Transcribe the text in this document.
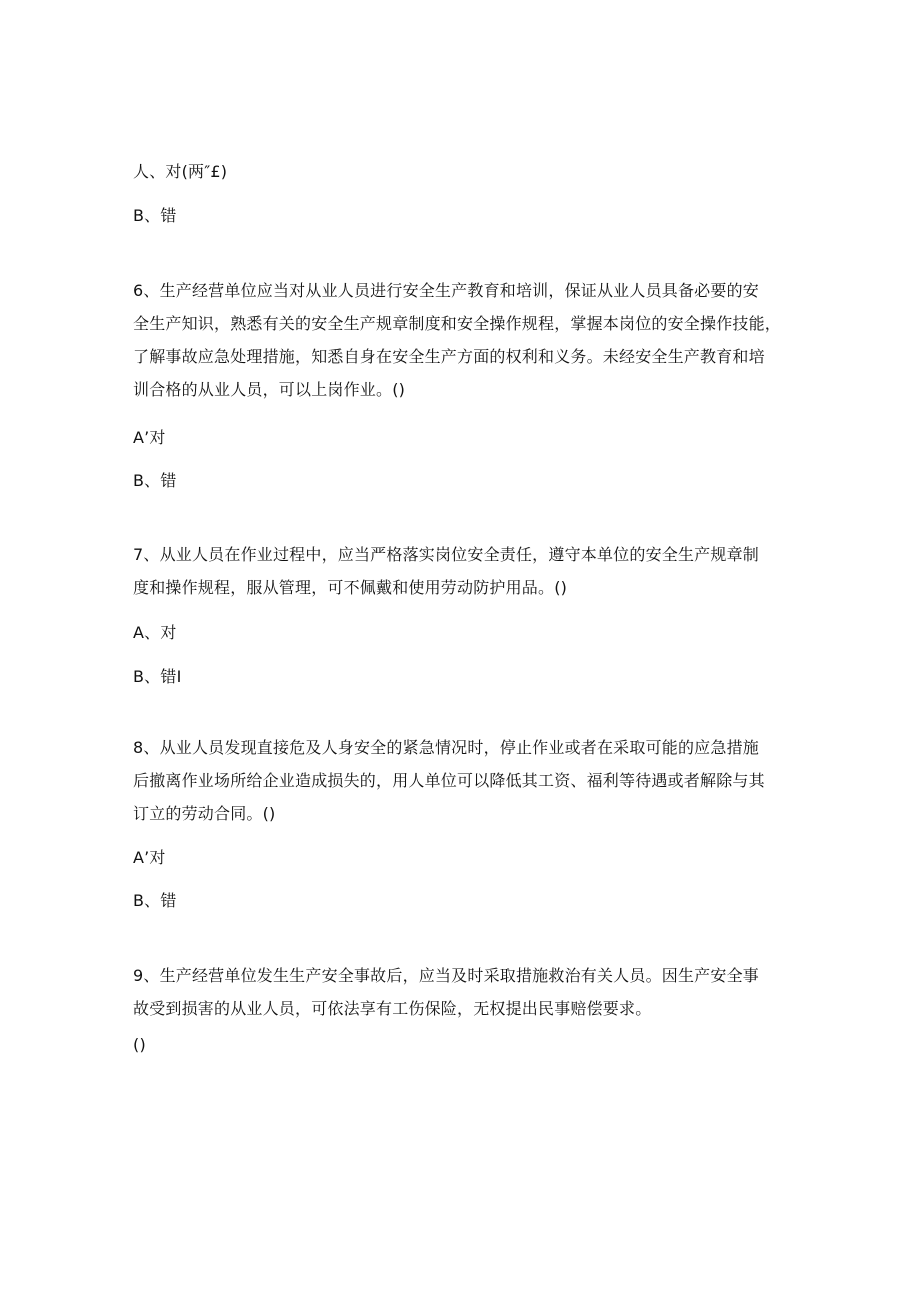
人、对(两″£)
B、错
6、生产经营单位应当对从业人员进行安全生产教育和培训，保证从业人员具备必要的安
全生产知识，熟悉有关的安全生产规章制度和安全操作规程，掌握本岗位的安全操作技能，
了解事故应急处理措施，知悉自身在安全生产方面的权利和义务。未经安全生产教育和培
训合格的从业人员，可以上岗作业。()
A’对
B、错
7、从业人员在作业过程中，应当严格落实岗位安全责任，遵守本单位的安全生产规章制
度和操作规程，服从管理，可不佩戴和使用劳动防护用品。()
A、对
B、错I
8、从业人员发现直接危及人身安全的紧急情况时，停止作业或者在采取可能的应急措施
后撤离作业场所给企业造成损失的，用人单位可以降低其工资、福利等待遇或者解除与其
订立的劳动合同。()
A’对
B、错
9、生产经营单位发生生产安全事故后，应当及时采取措施救治有关人员。因生产安全事
故受到损害的从业人员，可依法享有工伤保险，无权提出民事赔偿要求。
()
